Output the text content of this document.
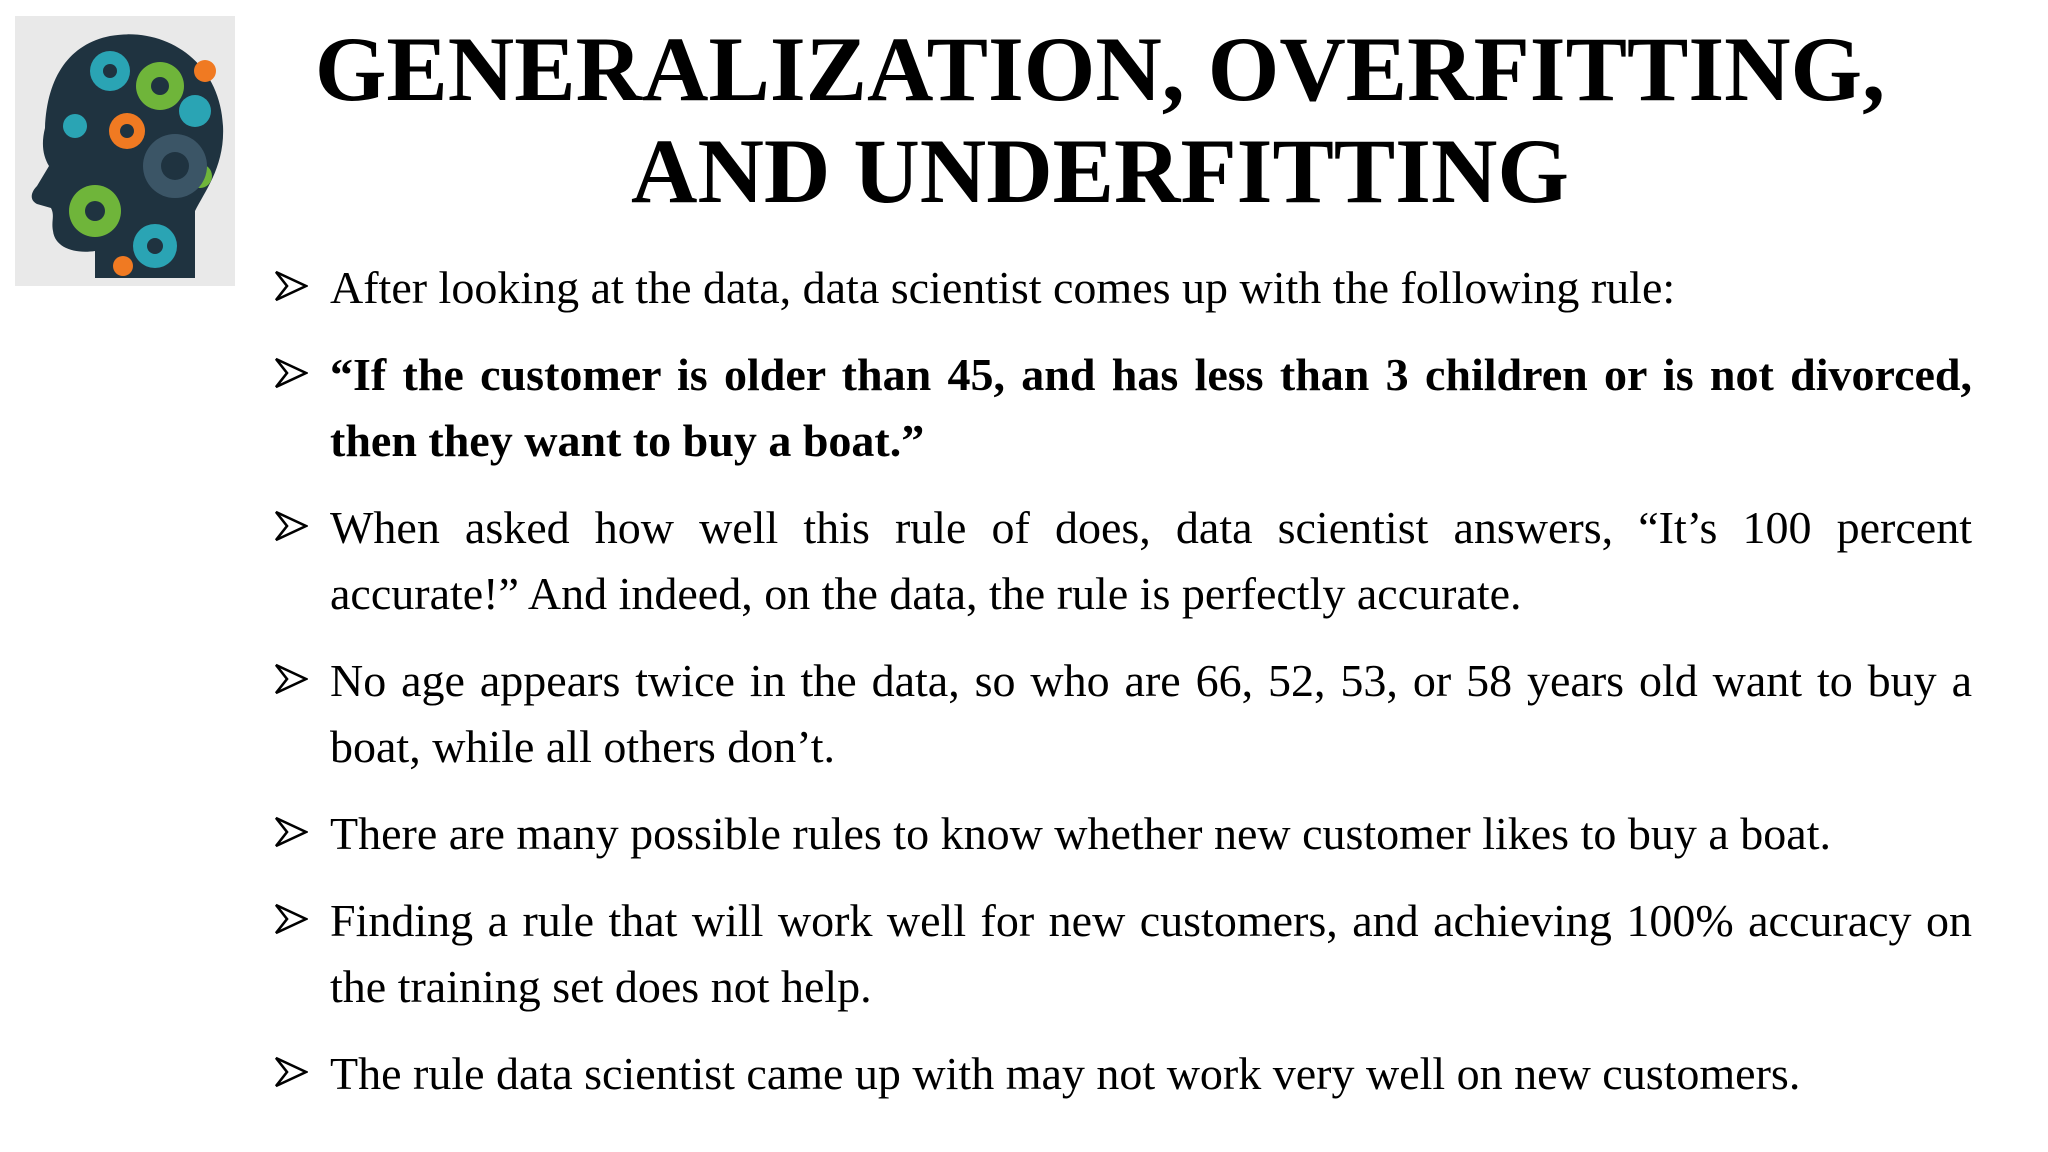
GENERALIZATION, OVERFITTING,
AND UNDERFITTING
After looking at the data, data scientist comes up with the following rule:
“If the customer is older than 45, and has less than 3 children or is not divorced, then they want to buy a boat.”
When asked how well this rule of does, data scientist answers, “It’s 100 percent accurate!” And indeed, on the data, the rule is perfectly accurate.
No age appears twice in the data, so who are 66, 52, 53, or 58 years old want to buy a boat, while all others don’t.
There are many possible rules to know whether new customer likes to buy a boat.
Finding a rule that will work well for new customers, and achieving 100% accuracy on the training set does not help.
The rule data scientist came up with may not work very well on new customers.
